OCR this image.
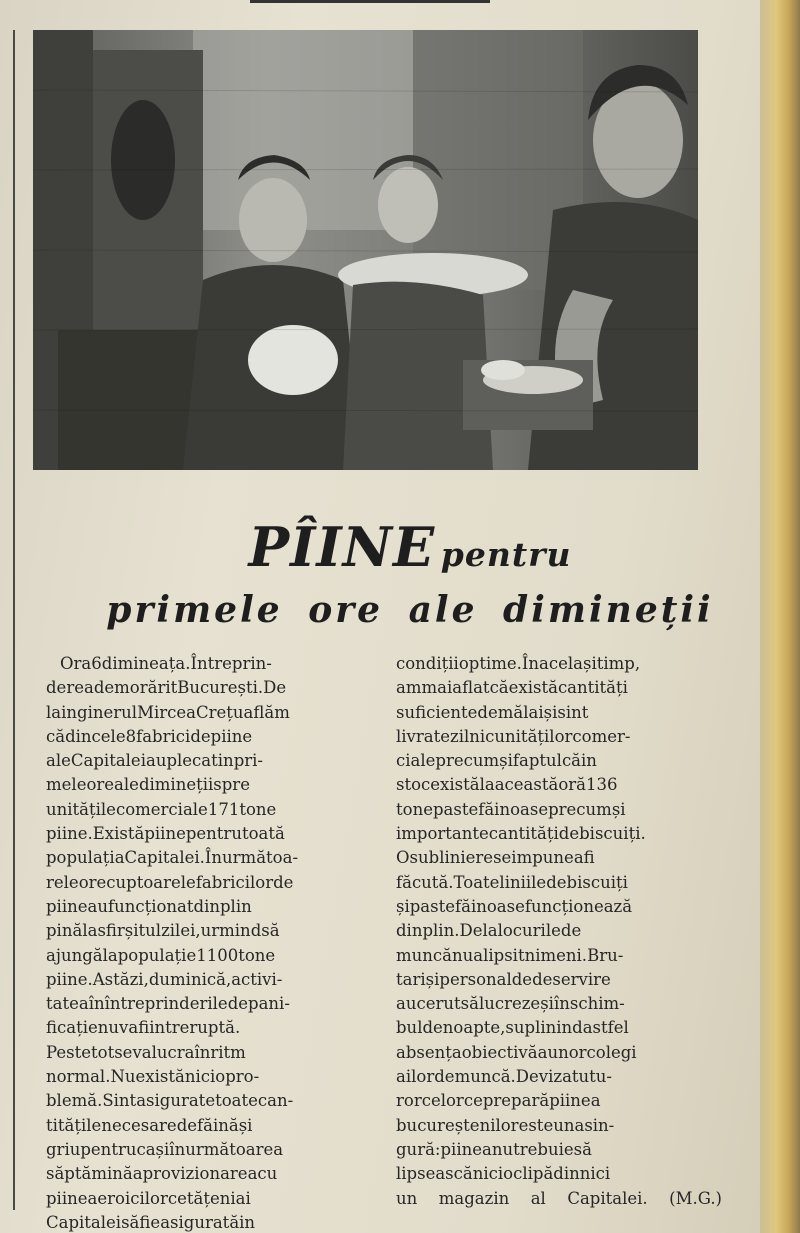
PÎINE pentru
primele ore ale dimineții
Ora6dimineața.Întreprin-
dereademorăritBucurești.De
lainginerulMirceaCrețuaflăm
cădincele8fabricidepiine
aleCapitaleiauplecatinpri-
meleorealediminețiispre
unitățilecomerciale171tone
piine.Existăpiinepentrutoată
populațiaCapitalei.Înurmătoa-
releorecuptoarelefabricilorde
piineaufuncționatdinplin
pinălasfirșitulzilei,urmindsă
ajungălapopulație1100tone
piine.Astăzi,duminică,activi-
tateaînîntreprinderiledepani-
ficațienuvafiintreruptă.
Pestetotsevalucraînritm
normal.Nuexistăniciopro-
blemă.Sintasiguratetoatecan-
titățilenecesaredefăinăși
griupentrucașiînurmătoarea
săptăminăaprovizionareacu
piineaeroicilorcetățeniai
Capitaleisăfieasiguratăin
condițiioptime.Înacelașitimp,
ammaiaflatcăexistăcantități
suficientedemălaișisint
livratezilnicunitățilorcomer-
cialeprecumșifaptulcăin
stocexistălaaceastăoră136
tonepastefăinoaseprecumși
importantecantitățidebiscuiți.
Osubliniereseimpuneafi
făcută.Toateliniiledebiscuiți
șipastefăinoasefuncționează
dinplin.Delalocurilede
muncănualipsitnimeni.Bru-
tarișipersonaldedeservire
aucerutsălucrezeșiînschim-
buldenoapte,suplinindastfel
absențaobiectivăaunorcolegi
ailordemuncă.Devizatutu-
rorcelorcepreparăpiinea
bucureșteniloresteunasin-
gură:piineanutrebuiesă
lipseascănicioclipădinnici
un magazin al Capitalei. (M.G.)
